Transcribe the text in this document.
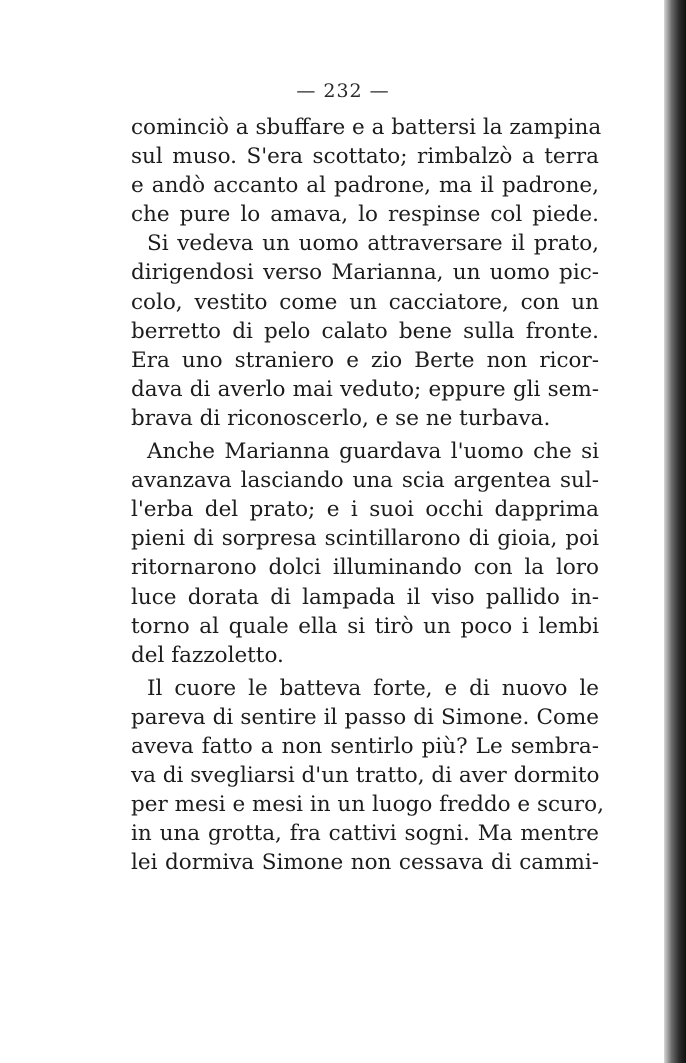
— 232 —
cominciò a sbuffare e a battersi la zampina
sul muso. S'era scottato; rimbalzò a terra
e andò accanto al padrone, ma il padrone,
che pure lo amava, lo respinse col piede.
Si vedeva un uomo attraversare il prato,
dirigendosi verso Marianna, un uomo pic-
colo, vestito come un cacciatore, con un
berretto di pelo calato bene sulla fronte.
Era uno straniero e zio Berte non ricor-
dava di averlo mai veduto; eppure gli sem-
brava di riconoscerlo, e se ne turbava.
Anche Marianna guardava l'uomo che si
avanzava lasciando una scia argentea sul-
l'erba del prato; e i suoi occhi dapprima
pieni di sorpresa scintillarono di gioia, poi
ritornarono dolci illuminando con la loro
luce dorata di lampada il viso pallido in-
torno al quale ella si tirò un poco i lembi
del fazzoletto.
Il cuore le batteva forte, e di nuovo le
pareva di sentire il passo di Simone. Come
aveva fatto a non sentirlo più? Le sembra-
va di svegliarsi d'un tratto, di aver dormito
per mesi e mesi in un luogo freddo e scuro,
in una grotta, fra cattivi sogni. Ma mentre
lei dormiva Simone non cessava di cammi-
